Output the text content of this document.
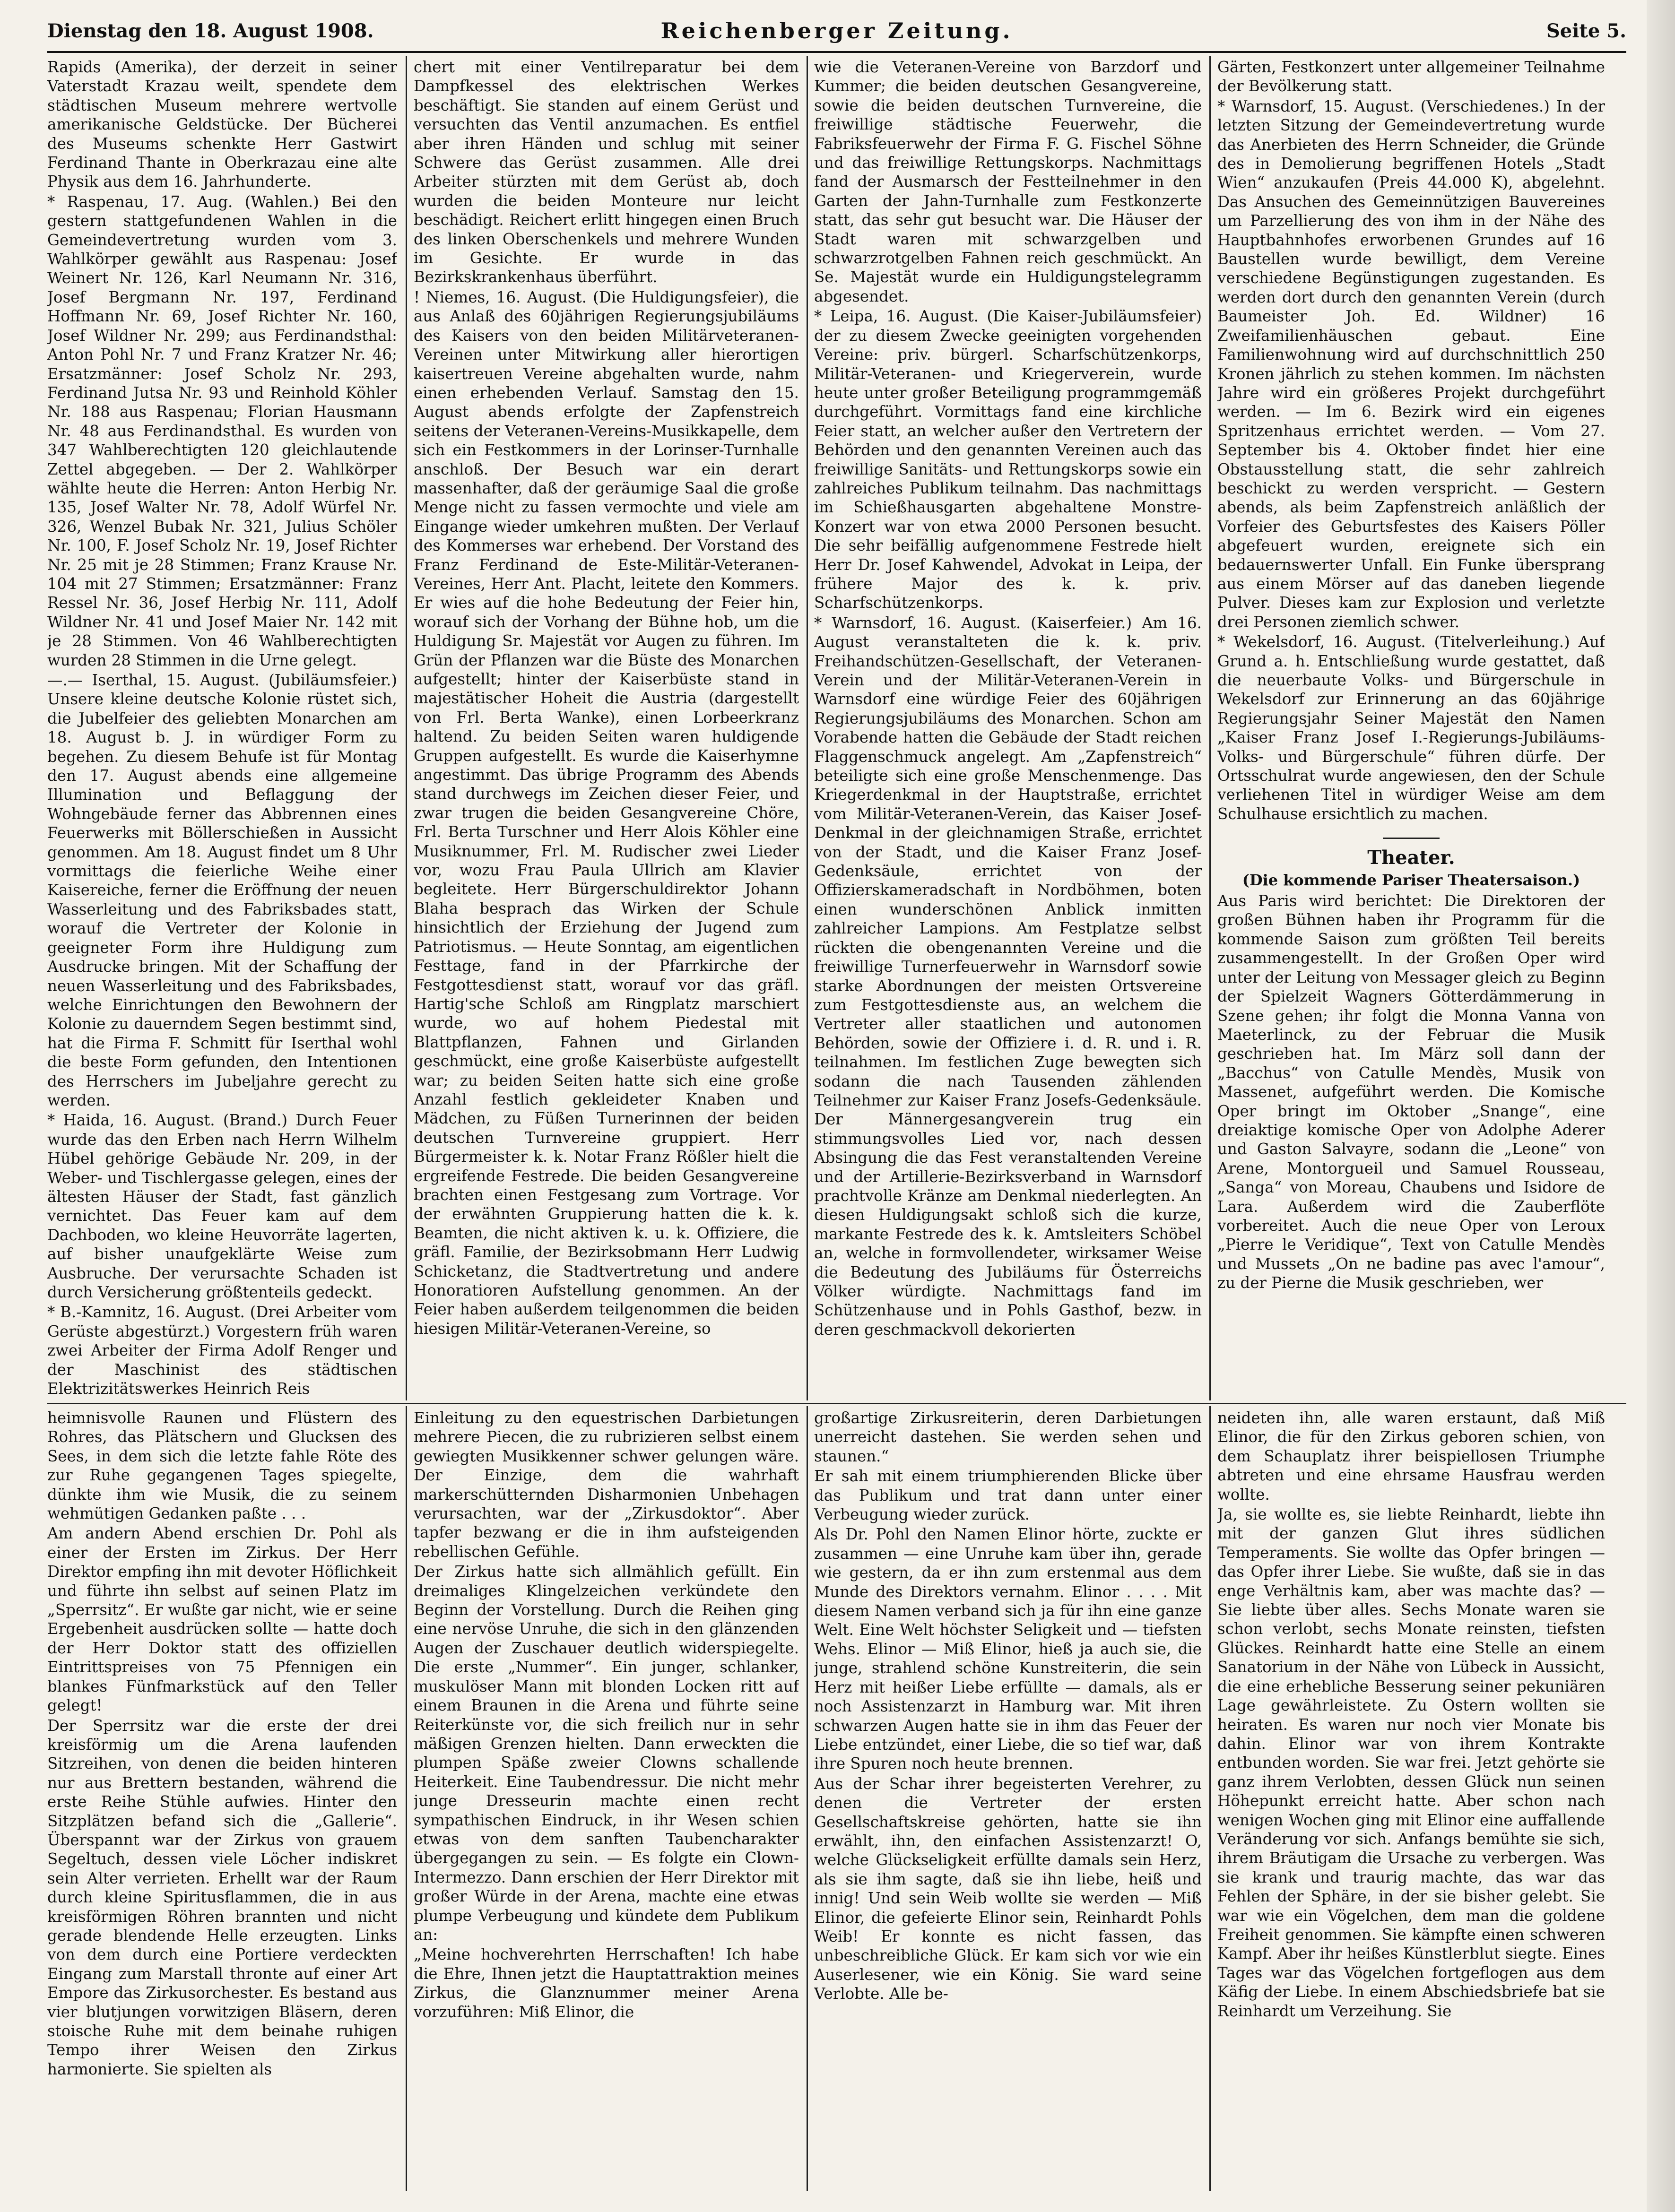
Dienstag den 18. August 1908.	Reichenberger Zeitung.	Seite 5.

Rapids (Amerika), der derzeit in seiner Vaterstadt Krazau weilt, spendete dem städtischen Museum mehrere wertvolle amerikanische Geldstücke. Der Bücherei des Museums schenkte Herr Gastwirt Ferdinand Thante in Oberkrazau eine alte Physik aus dem 16. Jahrhunderte.

* Raspenau, 17. Aug. (Wahlen.) Bei den gestern stattgefundenen Wahlen in die Gemeindevertretung wurden vom 3. Wahlkörper gewählt aus Raspenau: Josef Weinert Nr. 126, Karl Neumann Nr. 316, Josef Bergmann Nr. 197, Ferdinand Hoffmann Nr. 69, Josef Richter Nr. 160, Josef Wildner Nr. 299; aus Ferdinandsthal: Anton Pohl Nr. 7 und Franz Kratzer Nr. 46; Ersatzmänner: Josef Scholz Nr. 293, Ferdinand Jutsa Nr. 93 und Reinhold Köhler Nr. 188 aus Raspenau; Florian Hausmann Nr. 48 aus Ferdinandsthal. Es wurden von 347 Wahlberechtigten 120 gleichlautende Zettel abgegeben. — Der 2. Wahlkörper wählte heute die Herren: Anton Herbig Nr. 135, Josef Walter Nr. 78, Adolf Würfel Nr. 326, Wenzel Bubak Nr. 321, Julius Schöler Nr. 100, F. Josef Scholz Nr. 19, Josef Richter Nr. 25 mit je 28 Stimmen; Franz Krause Nr. 104 mit 27 Stimmen; Ersatzmänner: Franz Ressel Nr. 36, Josef Herbig Nr. 111, Adolf Wildner Nr. 41 und Josef Maier Nr. 142 mit je 28 Stimmen. Von 46 Wahlberechtigten wurden 28 Stimmen in die Urne gelegt.

—.— Iserthal, 15. August. (Jubiläumsfeier.) Unsere kleine deutsche Kolonie rüstet sich, die Jubelfeier des geliebten Monarchen am 18. August b. J. in würdiger Form zu begehen. Zu diesem Behufe ist für Montag den 17. August abends eine allgemeine Illumination und Beflaggung der Wohngebäude ferner das Abbrennen eines Feuerwerks mit Böllerschießen in Aussicht genommen. Am 18. August findet um 8 Uhr vormittags die feierliche Weihe einer Kaisereiche, ferner die Eröffnung der neuen Wasserleitung und des Fabriksbades statt, worauf die Vertreter der Kolonie in geeigneter Form ihre Huldigung zum Ausdrucke bringen. Mit der Schaffung der neuen Wasserleitung und des Fabriksbades, welche Einrichtungen den Bewohnern der Kolonie zu dauerndem Segen bestimmt sind, hat die Firma F. Schmitt für Iserthal wohl die beste Form gefunden, den Intentionen des Herrschers im Jubeljahre gerecht zu werden.

* Haida, 16. August. (Brand.) Durch Feuer wurde das den Erben nach Herrn Wilhelm Hübel gehörige Gebäude Nr. 209, in der Weber- und Tischlergasse gelegen, eines der ältesten Häuser der Stadt, fast gänzlich vernichtet. Das Feuer kam auf dem Dachboden, wo kleine Heuvorräte lagerten, auf bisher unaufgeklärte Weise zum Ausbruche. Der verursachte Schaden ist durch Versicherung größtenteils gedeckt.

* B.-Kamnitz, 16. August. (Drei Arbeiter vom Gerüste abgestürzt.) Vorgestern früh waren zwei Arbeiter der Firma Adolf Renger und der Maschinist des städtischen Elektrizitätswerkes Heinrich Reis

chert mit einer Ventilreparatur bei dem Dampfkessel des elektrischen Werkes beschäftigt. Sie standen auf einem Gerüst und versuchten das Ventil anzumachen. Es entfiel aber ihren Händen und schlug mit seiner Schwere das Gerüst zusammen. Alle drei Arbeiter stürzten mit dem Gerüst ab, doch wurden die beiden Monteure nur leicht beschädigt. Reichert erlitt hingegen einen Bruch des linken Oberschenkels und mehrere Wunden im Gesichte. Er wurde in das Bezirkskrankenhaus überführt.

! Niemes, 16. August. (Die Huldigungsfeier), die aus Anlaß des 60jährigen Regierungsjubiläums des Kaisers von den beiden Militärveteranen-Vereinen unter Mitwirkung aller hierortigen kaisertreuen Vereine abgehalten wurde, nahm einen erhebenden Verlauf. Samstag den 15. August abends erfolgte der Zapfenstreich seitens der Veteranen-Vereins-Musikkapelle, dem sich ein Festkommers in der Lorinser-Turnhalle anschloß. Der Besuch war ein derart massenhafter, daß der geräumige Saal die große Menge nicht zu fassen vermochte und viele am Eingange wieder umkehren mußten. Der Verlauf des Kommerses war erhebend. Der Vorstand des Franz Ferdinand de Este-Militär-Veteranen-Vereines, Herr Ant. Placht, leitete den Kommers. Er wies auf die hohe Bedeutung der Feier hin, worauf sich der Vorhang der Bühne hob, um die Huldigung Sr. Majestät vor Augen zu führen. Im Grün der Pflanzen war die Büste des Monarchen aufgestellt; hinter der Kaiserbüste stand in majestätischer Hoheit die Austria (dargestellt von Frl. Berta Wanke), einen Lorbeerkranz haltend. Zu beiden Seiten waren huldigende Gruppen aufgestellt. Es wurde die Kaiserhymne angestimmt. Das übrige Programm des Abends stand durchwegs im Zeichen dieser Feier, und zwar trugen die beiden Gesangvereine Chöre, Frl. Berta Turschner und Herr Alois Köhler eine Musiknummer, Frl. M. Rudischer zwei Lieder vor, wozu Frau Paula Ullrich am Klavier begleitete. Herr Bürgerschuldirektor Johann Blaha besprach das Wirken der Schule hinsichtlich der Erziehung der Jugend zum Patriotismus. — Heute Sonntag, am eigentlichen Festtage, fand in der Pfarrkirche der Festgottesdienst statt, worauf vor das gräfl. Hartig'sche Schloß am Ringplatz marschiert wurde, wo auf hohem Piedestal mit Blattpflanzen, Fahnen und Girlanden geschmückt, eine große Kaiserbüste aufgestellt war; zu beiden Seiten hatte sich eine große Anzahl festlich gekleideter Knaben und Mädchen, zu Füßen Turnerinnen der beiden deutschen Turnvereine gruppiert. Herr Bürgermeister k. k. Notar Franz Rößler hielt die ergreifende Festrede. Die beiden Gesangvereine brachten einen Festgesang zum Vortrage. Vor der erwähnten Gruppierung hatten die k. k. Beamten, die nicht aktiven k. u. k. Offiziere, die gräfl. Familie, der Bezirksobmann Herr Ludwig Schicketanz, die Stadtvertretung und andere Honoratioren Aufstellung genommen. An der Feier haben außerdem teilgenommen die beiden hiesigen Militär-Veteranen-Vereine, so

wie die Veteranen-Vereine von Barzdorf und Kummer; die beiden deutschen Gesangvereine, sowie die beiden deutschen Turnvereine, die freiwillige städtische Feuerwehr, die Fabriksfeuerwehr der Firma F. G. Fischel Söhne und das freiwillige Rettungskorps. Nachmittags fand der Ausmarsch der Festteilnehmer in den Garten der Jahn-Turnhalle zum Festkonzerte statt, das sehr gut besucht war. Die Häuser der Stadt waren mit schwarzgelben und schwarzrotgelben Fahnen reich geschmückt. An Se. Majestät wurde ein Huldigungstelegramm abgesendet.

* Leipa, 16. August. (Die Kaiser-Jubiläumsfeier) der zu diesem Zwecke geeinigten vorgehenden Vereine: priv. bürgerl. Scharfschützenkorps, Militär-Veteranen- und Kriegerverein, wurde heute unter großer Beteiligung programmgemäß durchgeführt. Vormittags fand eine kirchliche Feier statt, an welcher außer den Vertretern der Behörden und den genannten Vereinen auch das freiwillige Sanitäts- und Rettungskorps sowie ein zahlreiches Publikum teilnahm. Das nachmittags im Schießhausgarten abgehaltene Monstre-Konzert war von etwa 2000 Personen besucht. Die sehr beifällig aufgenommene Festrede hielt Herr Dr. Josef Kahwendel, Advokat in Leipa, der frühere Major des k. k. priv. Scharfschützenkorps.

* Warnsdorf, 16. August. (Kaiserfeier.) Am 16. August veranstalteten die k. k. priv. Freihandschützen-Gesellschaft, der Veteranen-Verein und der Militär-Veteranen-Verein in Warnsdorf eine würdige Feier des 60jährigen Regierungsjubiläums des Monarchen. Schon am Vorabende hatten die Gebäude der Stadt reichen Flaggenschmuck angelegt. Am „Zapfenstreich“ beteiligte sich eine große Menschenmenge. Das Kriegerdenkmal in der Hauptstraße, errichtet vom Militär-Veteranen-Verein, das Kaiser Josef-Denkmal in der gleichnamigen Straße, errichtet von der Stadt, und die Kaiser Franz Josef-Gedenksäule, errichtet von der Offizierskameradschaft in Nordböhmen, boten einen wunderschönen Anblick inmitten zahlreicher Lampions. Am Festplatze selbst rückten die obengenannten Vereine und die freiwillige Turnerfeuerwehr in Warnsdorf sowie starke Abordnungen der meisten Ortsvereine zum Festgottesdienste aus, an welchem die Vertreter aller staatlichen und autonomen Behörden, sowie der Offiziere i. d. R. und i. R. teilnahmen. Im festlichen Zuge bewegten sich sodann die nach Tausenden zählenden Teilnehmer zur Kaiser Franz Josefs-Gedenksäule. Der Männergesangverein trug ein stimmungsvolles Lied vor, nach dessen Absingung die das Fest veranstaltenden Vereine und der Artillerie-Bezirksverband in Warnsdorf prachtvolle Kränze am Denkmal niederlegten. An diesen Huldigungsakt schloß sich die kurze, markante Festrede des k. k. Amtsleiters Schöbel an, welche in formvollendeter, wirksamer Weise die Bedeutung des Jubiläums für Österreichs Völker würdigte. Nachmittags fand im Schützenhause und in Pohls Gasthof, bezw. in deren geschmackvoll dekorierten

Gärten, Festkonzert unter allgemeiner Teilnahme der Bevölkerung statt.

* Warnsdorf, 15. August. (Verschiedenes.) In der letzten Sitzung der Gemeindevertretung wurde das Anerbieten des Herrn Schneider, die Gründe des in Demolierung begriffenen Hotels „Stadt Wien“ anzukaufen (Preis 44.000 K), abgelehnt. Das Ansuchen des Gemeinnützigen Bauvereines um Parzellierung des von ihm in der Nähe des Hauptbahnhofes erworbenen Grundes auf 16 Baustellen wurde bewilligt, dem Vereine verschiedene Begünstigungen zugestanden. Es werden dort durch den genannten Verein (durch Baumeister Joh. Ed. Wildner) 16 Zweifamilienhäuschen gebaut. Eine Familienwohnung wird auf durchschnittlich 250 Kronen jährlich zu stehen kommen. Im nächsten Jahre wird ein größeres Projekt durchgeführt werden. — Im 6. Bezirk wird ein eigenes Spritzenhaus errichtet werden. — Vom 27. September bis 4. Oktober findet hier eine Obstausstellung statt, die sehr zahlreich beschickt zu werden verspricht. — Gestern abends, als beim Zapfenstreich anläßlich der Vorfeier des Geburtsfestes des Kaisers Pöller abgefeuert wurden, ereignete sich ein bedauernswerter Unfall. Ein Funke übersprang aus einem Mörser auf das daneben liegende Pulver. Dieses kam zur Explosion und verletzte drei Personen ziemlich schwer.

* Wekelsdorf, 16. August. (Titelverleihung.) Auf Grund a. h. Entschließung wurde gestattet, daß die neuerbaute Volks- und Bürgerschule in Wekelsdorf zur Erinnerung an das 60jährige Regierungsjahr Seiner Majestät den Namen „Kaiser Franz Josef I.-Regierungs-Jubiläums-Volks- und Bürgerschule“ führen dürfe. Der Ortsschulrat wurde angewiesen, den der Schule verliehenen Titel in würdiger Weise am dem Schulhause ersichtlich zu machen.

Theater.
(Die kommende Pariser Theatersaison.)

Aus Paris wird berichtet: Die Direktoren der großen Bühnen haben ihr Programm für die kommende Saison zum größten Teil bereits zusammengestellt. In der Großen Oper wird unter der Leitung von Messager gleich zu Beginn der Spielzeit Wagners Götterdämmerung in Szene gehen; ihr folgt die Monna Vanna von Maeterlinck, zu der Februar die Musik geschrieben hat. Im März soll dann der „Bacchus“ von Catulle Mendès, Musik von Massenet, aufgeführt werden. Die Komische Oper bringt im Oktober „Snange“, eine dreiaktige komische Oper von Adolphe Aderer und Gaston Salvayre, sodann die „Leone“ von Arene, Montorgueil und Samuel Rousseau, „Sanga“ von Moreau, Chaubens und Isidore de Lara. Außerdem wird die Zauberflöte vorbereitet. Auch die neue Oper von Leroux „Pierre le Veridique“, Text von Catulle Mendès und Mussets „On ne badine pas avec l'amour“, zu der Pierne die Musik geschrieben, wer

heimnisvolle Raunen und Flüstern des Rohres, das Plätschern und Glucksen des Sees, in dem sich die letzte fahle Röte des zur Ruhe gegangenen Tages spiegelte, dünkte ihm wie Musik, die zu seinem wehmütigen Gedanken paßte . . .

Am andern Abend erschien Dr. Pohl als einer der Ersten im Zirkus. Der Herr Direktor empfing ihn mit devoter Höflichkeit und führte ihn selbst auf seinen Platz im „Sperrsitz“. Er wußte gar nicht, wie er seine Ergebenheit ausdrücken sollte — hatte doch der Herr Doktor statt des offiziellen Eintrittspreises von 75 Pfennigen ein blankes Fünfmarkstück auf den Teller gelegt!

Der Sperrsitz war die erste der drei kreisförmig um die Arena laufenden Sitzreihen, von denen die beiden hinteren nur aus Brettern bestanden, während die erste Reihe Stühle aufwies. Hinter den Sitzplätzen befand sich die „Gallerie“. Überspannt war der Zirkus von grauem Segeltuch, dessen viele Löcher indiskret sein Alter verrieten. Erhellt war der Raum durch kleine Spiritusflammen, die in aus kreisförmigen Röhren brannten und nicht gerade blendende Helle erzeugten. Links von dem durch eine Portiere verdeckten Eingang zum Marstall thronte auf einer Art Empore das Zirkusorchester. Es bestand aus vier blutjungen vorwitzigen Bläsern, deren stoische Ruhe mit dem beinahe ruhigen Tempo ihrer Weisen den Zirkus harmonierte. Sie spielten als

Einleitung zu den equestrischen Darbietungen mehrere Piecen, die zu rubrizieren selbst einem gewiegten Musikkenner schwer gelungen wäre. Der Einzige, dem die wahrhaft markerschütternden Disharmonien Unbehagen verursachten, war der „Zirkusdoktor“. Aber tapfer bezwang er die in ihm aufsteigenden rebellischen Gefühle.

Der Zirkus hatte sich allmählich gefüllt. Ein dreimaliges Klingelzeichen verkündete den Beginn der Vorstellung. Durch die Reihen ging eine nervöse Unruhe, die sich in den glänzenden Augen der Zuschauer deutlich widerspiegelte. Die erste „Nummer“. Ein junger, schlanker, muskulöser Mann mit blonden Locken ritt auf einem Braunen in die Arena und führte seine Reiterkünste vor, die sich freilich nur in sehr mäßigen Grenzen hielten. Dann erweckten die plumpen Späße zweier Clowns schallende Heiterkeit. Eine Taubendressur. Die nicht mehr junge Dresseurin machte einen recht sympathischen Eindruck, in ihr Wesen schien etwas von dem sanften Taubencharakter übergegangen zu sein. — Es folgte ein Clown-Intermezzo. Dann erschien der Herr Direktor mit großer Würde in der Arena, machte eine etwas plumpe Verbeugung und kündete dem Publikum an:

„Meine hochverehrten Herrschaften! Ich habe die Ehre, Ihnen jetzt die Hauptattraktion meines Zirkus, die Glanznummer meiner Arena vorzuführen: Miß Elinor, die

großartige Zirkusreiterin, deren Darbietungen unerreicht dastehen. Sie werden sehen und staunen.“

Er sah mit einem triumphierenden Blicke über das Publikum und trat dann unter einer Verbeugung wieder zurück.

Als Dr. Pohl den Namen Elinor hörte, zuckte er zusammen — eine Unruhe kam über ihn, gerade wie gestern, da er ihn zum erstenmal aus dem Munde des Direktors vernahm. Elinor . . . . Mit diesem Namen verband sich ja für ihn eine ganze Welt. Eine Welt höchster Seligkeit und — tiefsten Wehs. Elinor — Miß Elinor, hieß ja auch sie, die junge, strahlend schöne Kunstreiterin, die sein Herz mit heißer Liebe erfüllte — damals, als er noch Assistenzarzt in Hamburg war. Mit ihren schwarzen Augen hatte sie in ihm das Feuer der Liebe entzündet, einer Liebe, die so tief war, daß ihre Spuren noch heute brennen.

Aus der Schar ihrer begeisterten Verehrer, zu denen die Vertreter der ersten Gesellschaftskreise gehörten, hatte sie ihn erwählt, ihn, den einfachen Assistenzarzt! O, welche Glückseligkeit erfüllte damals sein Herz, als sie ihm sagte, daß sie ihn liebe, heiß und innig! Und sein Weib wollte sie werden — Miß Elinor, die gefeierte Elinor sein, Reinhardt Pohls Weib! Er konnte es nicht fassen, das unbeschreibliche Glück. Er kam sich vor wie ein Auserlesener, wie ein König. Sie ward seine Verlobte. Alle be-

neideten ihn, alle waren erstaunt, daß Miß Elinor, die für den Zirkus geboren schien, von dem Schauplatz ihrer beispiellosen Triumphe abtreten und eine ehrsame Hausfrau werden wollte.

Ja, sie wollte es, sie liebte Reinhardt, liebte ihn mit der ganzen Glut ihres südlichen Temperaments. Sie wollte das Opfer bringen — das Opfer ihrer Liebe. Sie wußte, daß sie in das enge Verhältnis kam, aber was machte das? — Sie liebte über alles. Sechs Monate waren sie schon verlobt, sechs Monate reinsten, tiefsten Glückes. Reinhardt hatte eine Stelle an einem Sanatorium in der Nähe von Lübeck in Aussicht, die eine erhebliche Besserung seiner pekuniären Lage gewährleistete. Zu Ostern wollten sie heiraten. Es waren nur noch vier Monate bis dahin. Elinor war von ihrem Kontrakte entbunden worden. Sie war frei. Jetzt gehörte sie ganz ihrem Verlobten, dessen Glück nun seinen Höhepunkt erreicht hatte. Aber schon nach wenigen Wochen ging mit Elinor eine auffallende Veränderung vor sich. Anfangs bemühte sie sich, ihrem Bräutigam die Ursache zu verbergen. Was sie krank und traurig machte, das war das Fehlen der Sphäre, in der sie bisher gelebt. Sie war wie ein Vögelchen, dem man die goldene Freiheit genommen. Sie kämpfte einen schweren Kampf. Aber ihr heißes Künstlerblut siegte. Eines Tages war das Vögelchen fortgeflogen aus dem Käfig der Liebe. In einem Abschiedsbriefe bat sie Reinhardt um Verzeihung. Sie
